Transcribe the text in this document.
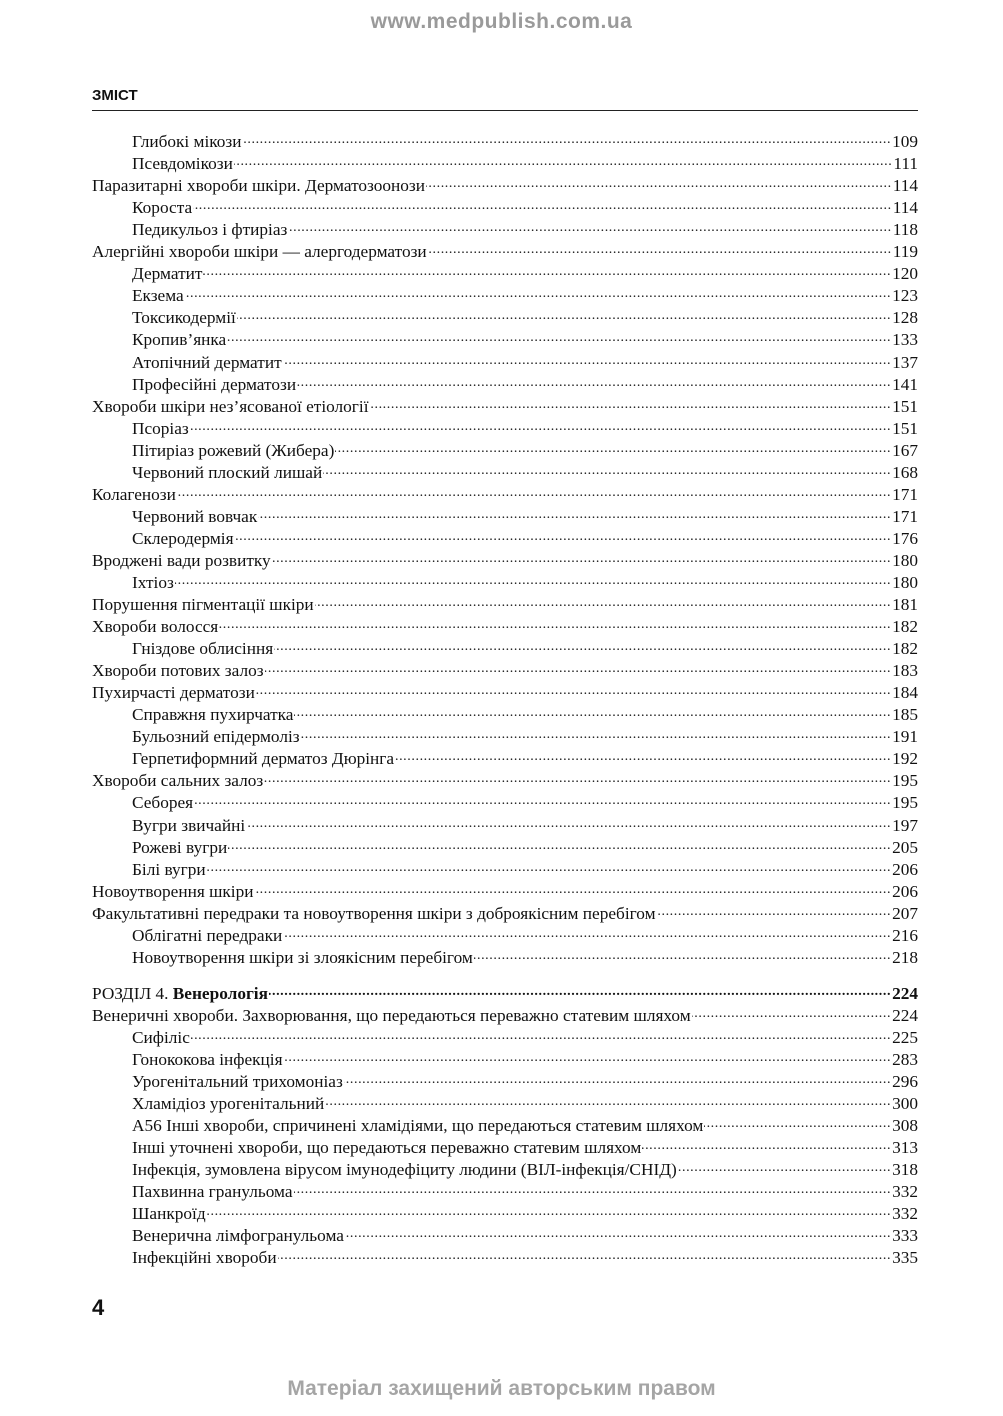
www.medpublish.com.ua
ЗМІСТ
Глибокі мікози .....	109
Псевдомікози .....	111
Паразитарні хвороби шкіри. Дерматозоонози .....	114
Короста .....	114
Педикульоз і фтиріаз .....	118
Алергійні хвороби шкіри — алергодерматози .....	119
Дерматит .....	120
Екзема .....	123
Токсикодермії .....	128
Кропив’янка .....	133
Атопічний дерматит .....	137
Професійні дерматози .....	141
Хвороби шкіри нез’ясованої етіології .....	151
Псоріаз .....	151
Пітиріаз рожевий (Жибера) .....	167
Червоний плоский лишай .....	168
Колагенози .....	171
Червоний вовчак .....	171
Склеродермія .....	176
Вроджені вади розвитку .....	180
Іхтіоз .....	180
Порушення пігментації шкіри .....	181
Хвороби волосся .....	182
Гніздове облисіння .....	182
Хвороби потових залоз .....	183
Пухирчасті дерматози .....	184
Справжня пухирчатка .....	185
Бульозний епідермоліз .....	191
Герпетиформний дерматоз Дюрінга .....	192
Хвороби сальних залоз .....	195
Себорея .....	195
Вугри звичайні .....	197
Рожеві вугри .....	205
Білі вугри .....	206
Новоутворення шкіри .....	206
Факультативні передраки та новоутворення шкіри з доброякісним перебігом .....	207
Облігатні передраки .....	216
Новоутворення шкіри зі злоякісним перебігом .....	218
РОЗДІЛ 4. Венерологія .....	224
Венеричні хвороби. Захворювання, що передаються переважно статевим шляхом .....	224
Сифіліс .....	225
Гонококова інфекція .....	283
Урогенітальний трихомоніаз .....	296
Хламідіоз урогенітальний .....	300
А56 Інші хвороби, спричинені хламідіями, що передаються статевим шляхом .....	308
Інші уточнені хвороби, що передаються переважно статевим шляхом .....	313
Інфекція, зумовлена вірусом імунодефіциту людини (ВІЛ-інфекція/СНІД) .....	318
Пахвинна гранульома .....	332
Шанкроїд .....	332
Венерична лімфогранульома .....	333
Інфекційні хвороби .....	335
4
Матеріал захищений авторським правом
